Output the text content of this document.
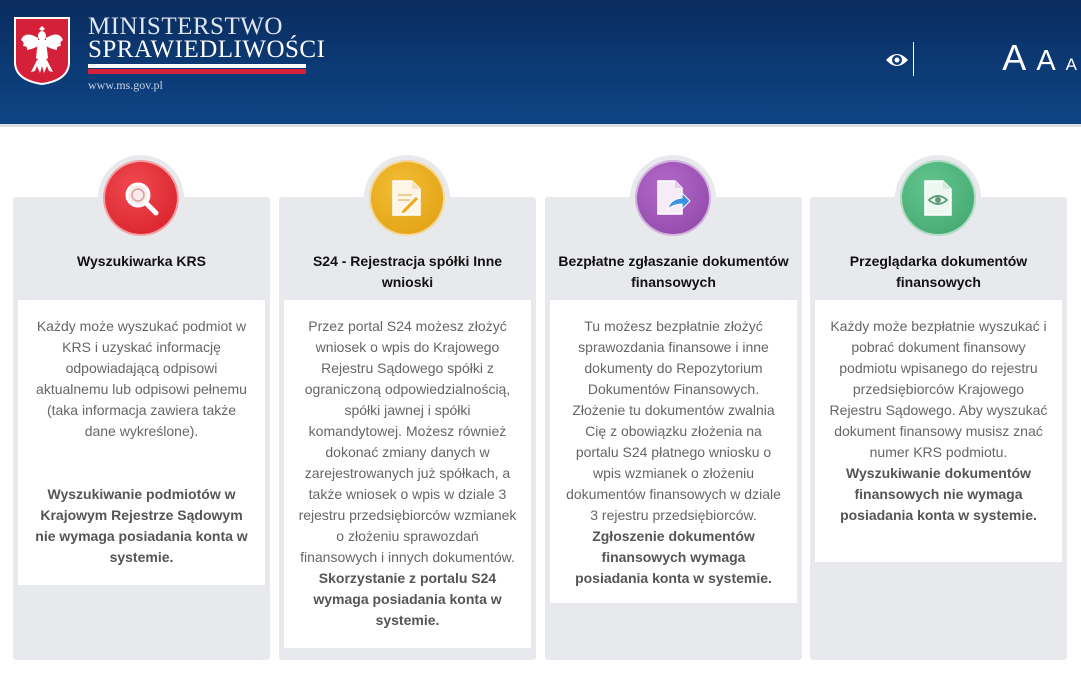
MINISTERSTWO
SPRAWIEDLIWOŚCI
www.ms.gov.pl
A A A
Wyszukiwarka KRS
Każdy może wyszukać podmiot w KRS i uzyskać informację odpowiadającą odpisowi aktualnemu lub odpisowi pełnemu (taka informacja zawiera także dane wykreślone).
Wyszukiwanie podmiotów w Krajowym Rejestrze Sądowym nie wymaga posiadania konta w systemie.
S24 - Rejestracja spółki Inne wnioski
Przez portal S24 możesz złożyć wniosek o wpis do Krajowego Rejestru Sądowego spółki z ograniczoną odpowiedzialnością, spółki jawnej i spółki komandytowej. Możesz również dokonać zmiany danych w zarejestrowanych już spółkach, a także wniosek o wpis w dziale 3 rejestru przedsiębiorców wzmianek o złożeniu sprawozdań finansowych i innych dokumentów.
Skorzystanie z portalu S24 wymaga posiadania konta w systemie.
Bezpłatne zgłaszanie dokumentów finansowych
Tu możesz bezpłatnie złożyć sprawozdania finansowe i inne dokumenty do Repozytorium Dokumentów Finansowych. Złożenie tu dokumentów zwalnia Cię z obowiązku złożenia na portalu S24 płatnego wniosku o wpis wzmianek o złożeniu dokumentów finansowych w dziale 3 rejestru przedsiębiorców.
Zgłoszenie dokumentów finansowych wymaga posiadania konta w systemie.
Przeglądarka dokumentów finansowych
Każdy może bezpłatnie wyszukać i pobrać dokument finansowy podmiotu wpisanego do rejestru przedsiębiorców Krajowego Rejestru Sądowego. Aby wyszukać dokument finansowy musisz znać numer KRS podmiotu.
Wyszukiwanie dokumentów finansowych nie wymaga posiadania konta w systemie.
